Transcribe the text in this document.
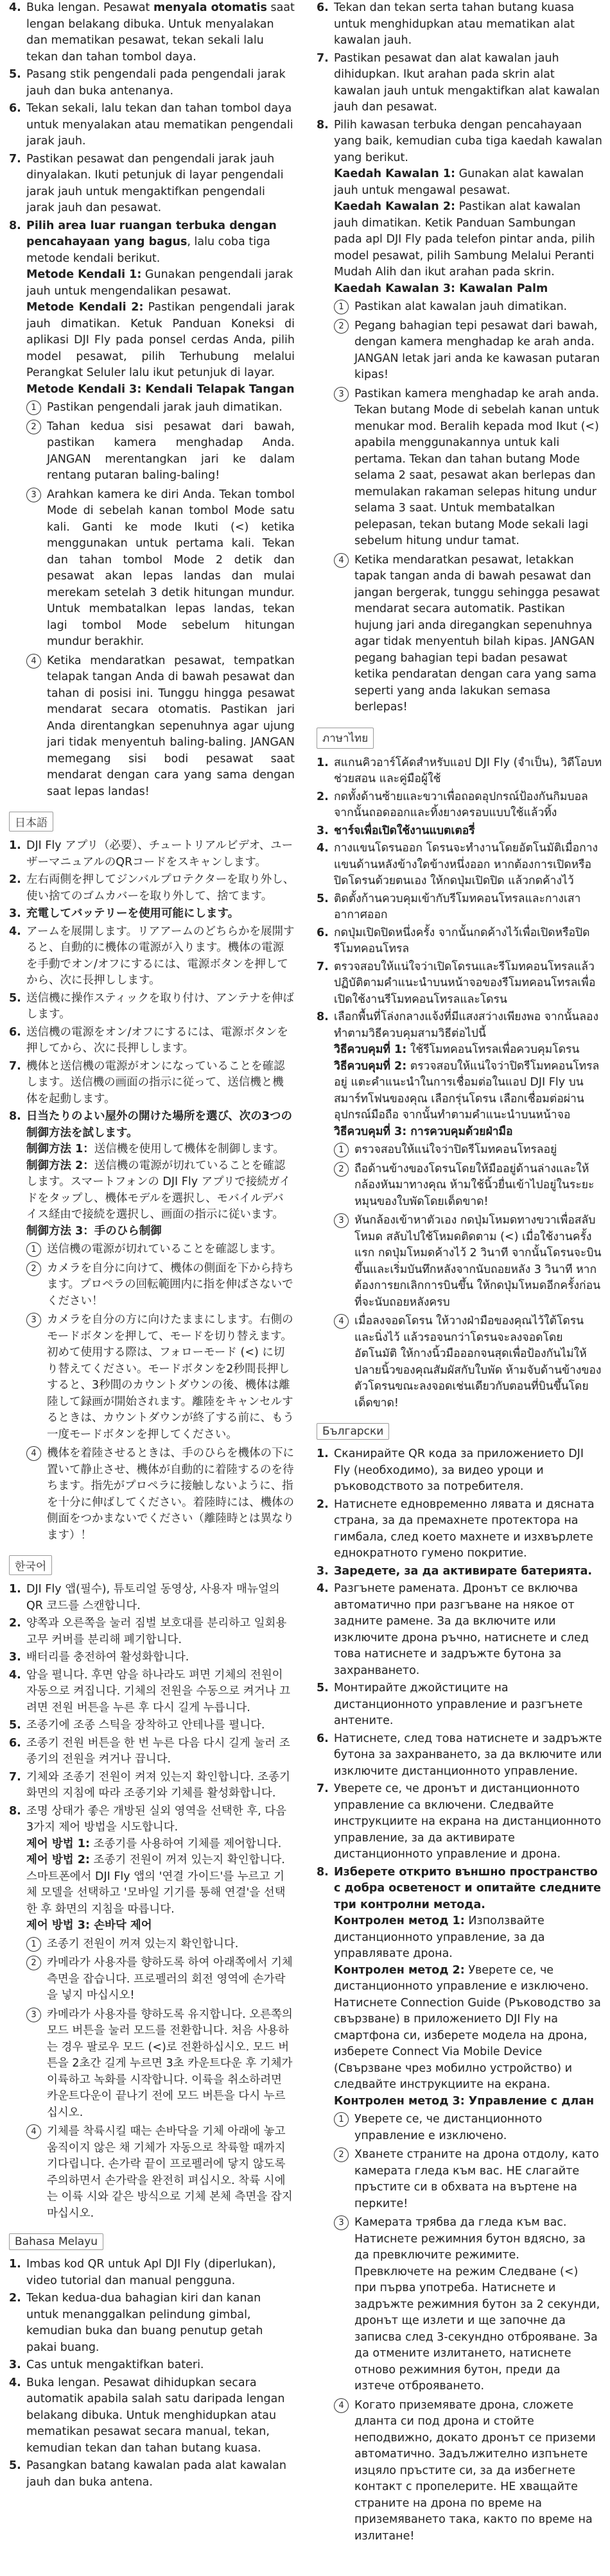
4. Buka lengan. Pesawat menyala otomatis saat lengan belakang dibuka. Untuk menyalakan dan mematikan pesawat, tekan sekali lalu tekan dan tahan tombol daya.
5. Pasang stik pengendali pada pengendali jarak jauh dan buka antenanya.
6. Tekan sekali, lalu tekan dan tahan tombol daya untuk menyalakan atau mematikan pengendali jarak jauh.
7. Pastikan pesawat dan pengendali jarak jauh dinyalakan. Ikuti petunjuk di layar pengendali jarak jauh untuk mengaktifkan pengendali jarak jauh dan pesawat.
8. Pilih area luar ruangan terbuka dengan pencahayaan yang bagus, lalu coba tiga metode kendali berikut.
Metode Kendali 1: Gunakan pengendali jarak jauh untuk mengendalikan pesawat.
Metode Kendali 2: Pastikan pengendali jarak jauh dimatikan. Ketuk Panduan Koneksi di aplikasi DJI Fly pada ponsel cerdas Anda, pilih model pesawat, pilih Terhubung melalui Perangkat Seluler lalu ikut petunjuk di layar.
Metode Kendali 3: Kendali Telapak Tangan
1 Pastikan pengendali jarak jauh dimatikan.
2 Tahan kedua sisi pesawat dari bawah, pastikan kamera menghadap Anda. JANGAN merentangkan jari ke dalam rentang putaran baling-baling!
3 Arahkan kamera ke diri Anda. Tekan tombol Mode di sebelah kanan tombol Mode satu kali. Ganti ke mode Ikuti (<) ketika menggunakan untuk pertama kali. Tekan dan tahan tombol Mode 2 detik dan pesawat akan lepas landas dan mulai merekam setelah 3 detik hitungan mundur. Untuk membatalkan lepas landas, tekan lagi tombol Mode sebelum hitungan mundur berakhir.
4 Ketika mendaratkan pesawat, tempatkan telapak tangan Anda di bawah pesawat dan tahan di posisi ini. Tunggu hingga pesawat mendarat secara otomatis. Pastikan jari Anda direntangkan sepenuhnya agar ujung jari tidak menyentuh baling-baling. JANGAN memegang sisi bodi pesawat saat mendarat dengan cara yang sama dengan saat lepas landas!
日本語
1. DJI Fly アプリ（必要）、チュートリアルビデオ、ユーザーマニュアルのQRコードをスキャンします。
2. 左右両側を押してジンバルプロテクターを取り外し、使い捨てのゴムカバーを取り外して、捨てます。
3. 充電してバッテリーを使用可能にします。
4. アームを展開します。リアアームのどちらかを展開すると、自動的に機体の電源が入ります。機体の電源を手動でオン/オフにするには、電源ボタンを押してから、次に長押しします。
5. 送信機に操作スティックを取り付け、アンテナを伸ばします。
6. 送信機の電源をオン/オフにするには、電源ボタンを押してから、次に長押しします。
7. 機体と送信機の電源がオンになっていることを確認します。送信機の画面の指示に従って、送信機と機体を起動します。
8. 日当たりのよい屋外の開けた場所を選び、次の3つの制御方法を試します。
制御方法 1：送信機を使用して機体を制御します。
制御方法 2：送信機の電源が切れていることを確認します。スマートフォンの DJI Fly アプリで接続ガイドをタップし、機体モデルを選択し、モバイルデバイス経由で接続を選択し、画面の指示に従います。
制御方法 3：手のひら制御
1 送信機の電源が切れていることを確認します。
2 カメラを自分に向けて、機体の側面を下から持ちます。プロペラの回転範囲内に指を伸ばさないでください！
3 カメラを自分の方に向けたままにします。右側のモードボタンを押して、モードを切り替えます。初めて使用する際は、フォローモード (<) に切り替えてください。モードボタンを2秒間長押しすると、3秒間のカウントダウンの後、機体は離陸して録画が開始されます。離陸をキャンセルするときは、カウントダウンが終了する前に、もう一度モードボタンを押してください。
4 機体を着陸させるときは、手のひらを機体の下に置いて静止させ、機体が自動的に着陸するのを待ちます。指先がプロペラに接触しないように、指を十分に伸ばしてください。着陸時には、機体の側面をつかまないでください（離陸時とは異なります）！
한국어
1. DJI Fly 앱(필수), 튜토리얼 동영상, 사용자 매뉴얼의 QR 코드를 스캔합니다.
2. 양쪽과 오른쪽을 눌러 짐벌 보호대를 분리하고 일회용 고무 커버를 분리해 폐기합니다.
3. 배터리를 충전하여 활성화합니다.
4. 암을 펼니다. 후면 암을 하나라도 펴면 기체의 전원이 자동으로 켜집니다. 기체의 전원을 수동으로 켜거나 끄려면 전원 버튼을 누른 후 다시 길게 누릅니다.
5. 조종기에 조종 스틱을 장착하고 안테나를 펼니다.
6. 조종기 전원 버튼을 한 번 누른 다음 다시 길게 눌러 조종기의 전원을 켜거나 끕니다.
7. 기체와 조종기 전원이 켜져 있는지 확인합니다. 조종기 화면의 지침에 따라 조종기와 기체를 활성화합니다.
8. 조명 상태가 좋은 개방된 실외 영역을 선택한 후, 다음 3가지 제어 방법을 시도합니다.
제어 방법 1: 조종기를 사용하여 기체를 제어합니다.
제어 방법 2: 조종기 전원이 꺼져 있는지 확인합니다. 스마트폰에서 DJI Fly 앱의 '연결 가이드'를 누르고 기체 모델을 선택하고 '모바일 기기를 통해 연결'을 선택한 후 화면의 지침을 따릅니다.
제어 방법 3: 손바닥 제어
1 조종기 전원이 꺼져 있는지 확인합니다.
2 카메라가 사용자를 향하도록 하여 아래쪽에서 기체 측면을 잡습니다. 프로펠러의 회전 영역에 손가락을 넣지 마십시오!
3 카메라가 사용자를 향하도록 유지합니다. 오른쪽의 모드 버튼을 눌러 모드를 전환합니다. 처음 사용하는 경우 팔로우 모드 (<)로 전환하십시오. 모드 버튼을 2초간 길게 누르면 3초 카운트다운 후 기체가 이륙하고 녹화를 시작합니다. 이륙을 취소하려면 카운트다운이 끝나기 전에 모드 버튼을 다시 누르십시오.
4 기체를 착륙시킬 때는 손바닥을 기체 아래에 놓고 움직이지 않은 채 기체가 자동으로 착륙할 때까지 기다립니다. 손가락 끝이 프로펠러에 닿지 않도록 주의하면서 손가락을 완전히 펴십시오. 착륙 시에는 이륙 시와 같은 방식으로 기체 본체 측면을 잡지 마십시오.
Bahasa Melayu
1. Imbas kod QR untuk Apl DJI Fly (diperlukan), video tutorial dan manual pengguna.
2. Tekan kedua-dua bahagian kiri dan kanan untuk menanggalkan pelindung gimbal, kemudian buka dan buang penutup getah pakai buang.
3. Cas untuk mengaktifkan bateri.
4. Buka lengan. Pesawat dihidupkan secara automatik apabila salah satu daripada lengan belakang dibuka. Untuk menghidupkan atau mematikan pesawat secara manual, tekan, kemudian tekan dan tahan butang kuasa.
5. Pasangkan batang kawalan pada alat kawalan jauh dan buka antena.
6. Tekan dan tekan serta tahan butang kuasa untuk menghidupkan atau mematikan alat kawalan jauh.
7. Pastikan pesawat dan alat kawalan jauh dihidupkan. Ikut arahan pada skrin alat kawalan jauh untuk mengaktifkan alat kawalan jauh dan pesawat.
8. Pilih kawasan terbuka dengan pencahayaan yang baik, kemudian cuba tiga kaedah kawalan yang berikut.
Kaedah Kawalan 1: Gunakan alat kawalan jauh untuk mengawal pesawat.
Kaedah Kawalan 2: Pastikan alat kawalan jauh dimatikan. Ketik Panduan Sambungan pada apl DJI Fly pada telefon pintar anda, pilih model pesawat, pilih Sambung Melalui Peranti Mudah Alih dan ikut arahan pada skrin.
Kaedah Kawalan 3: Kawalan Palm
1 Pastikan alat kawalan jauh dimatikan.
2 Pegang bahagian tepi pesawat dari bawah, dengan kamera menghadap ke arah anda. JANGAN letak jari anda ke kawasan putaran kipas!
3 Pastikan kamera menghadap ke arah anda. Tekan butang Mode di sebelah kanan untuk menukar mod. Beralih kepada mod Ikut (<) apabila menggunakannya untuk kali pertama. Tekan dan tahan butang Mode selama 2 saat, pesawat akan berlepas dan memulakan rakaman selepas hitung undur selama 3 saat. Untuk membatalkan pelepasan, tekan butang Mode sekali lagi sebelum hitung undur tamat.
4 Ketika mendaratkan pesawat, letakkan tapak tangan anda di bawah pesawat dan jangan bergerak, tunggu sehingga pesawat mendarat secara automatik. Pastikan hujung jari anda diregangkan sepenuhnya agar tidak menyentuh bilah kipas. JANGAN pegang bahagian tepi badan pesawat ketika pendaratan dengan cara yang sama seperti yang anda lakukan semasa berlepas!
ภาษาไทย
1. สแกนคิวอาร์โค้ดสำหรับแอป DJI Fly (จำเป็น), วิดีโอบทช่วยสอน และคู่มือผู้ใช้
2. กดทั้งด้านซ้ายและขวาเพื่อถอดอุปกรณ์ป้องกันกิมบอล จากนั้นถอดออกและทิ้งยางครอบแบบใช้แล้วทิ้ง
3. ชาร์จเพื่อเปิดใช้งานแบตเตอรี่
4. กางแขนโดรนออก โดรนจะทำงานโดยอัตโนมัติเมื่อกางแขนด้านหลังข้างใดข้างหนึ่งออก หากต้องการเปิดหรือปิดโดรนด้วยตนเอง ให้กดปุ่มเปิดปิด แล้วกดค้างไว้
5. ติดตั้งก้านควบคุมเข้ากับรีโมทคอนโทรลและกางเสาอากาศออก
6. กดปุ่มเปิดปิดหนึ่งครั้ง จากนั้นกดค้างไว้เพื่อเปิดหรือปิดรีโมทคอนโทรล
7. ตรวจสอบให้แน่ใจว่าเปิดโดรนและรีโมทคอนโทรลแล้ว ปฏิบัติตามคำแนะนำบนหน้าจอของรีโมทคอนโทรลเพื่อเปิดใช้งานรีโมทคอนโทรลและโดรน
8. เลือกพื้นที่โล่งกลางแจ้งที่มีแสงสว่างเพียงพอ จากนั้นลองทำตามวิธีควบคุมสามวิธีต่อไปนี้
วิธีควบคุมที่ 1: ใช้รีโมทคอนโทรลเพื่อควบคุมโดรน
วิธีควบคุมที่ 2: ตรวจสอบให้แน่ใจว่าปิดรีโมทคอนโทรลอยู่ แตะคำแนะนำในการเชื่อมต่อในแอป DJI Fly บนสมาร์ทโฟนของคุณ เลือกรุ่นโดรน เลือกเชื่อมต่อผ่านอุปกรณ์มือถือ จากนั้นทำตามคำแนะนำบนหน้าจอ
วิธีควบคุมที่ 3: การควบคุมด้วยฝ่ามือ
1 ตรวจสอบให้แน่ใจว่าปิดรีโมทคอนโทรลอยู่
2 ถือด้านข้างของโดรนโดยให้มืออยู่ด้านล่างและให้กล้องหันมาทางคุณ ห้ามใช้นิ้วยื่นเข้าไปอยู่ในระยะหมุนของใบพัดโดยเด็ดขาด!
3 หันกล้องเข้าหาตัวเอง กดปุ่มโหมดทางขวาเพื่อสลับโหมด สลับไปใช้โหมดติดตาม (<) เมื่อใช้งานครั้งแรก กดปุ่มโหมดค้างไว้ 2 วินาที จากนั้นโดรนจะบินขึ้นและเริ่มบันทึกหลังจากนับถอยหลัง 3 วินาที หากต้องการยกเลิกการบินขึ้น ให้กดปุ่มโหมดอีกครั้งก่อนที่จะนับถอยหลังครบ
4 เมื่อลงจอดโดรน ให้วางฝ่ามือของคุณไว้ใต้โดรนและนิ่งไว้ แล้วรอจนกว่าโดรนจะลงจอดโดยอัตโนมัติ ให้กางนิ้วมือออกจนสุดเพื่อป้องกันไม่ให้ปลายนิ้วของคุณสัมผัสกับใบพัด ห้ามจับด้านข้างของตัวโดรนขณะลงจอดเช่นเดียวกับตอนที่บินขึ้นโดยเด็ดขาด!
Български
1. Сканирайте QR кода за приложението DJI Fly (необходимо), за видео уроци и ръководството за потребителя.
2. Натиснете едновременно лявата и дясната страна, за да премахнете протектора на гимбала, след което махнете и изхвърлете еднократното гумено покритие.
3. Заредете, за да активирате батерията.
4. Разгънете рамената. Дронът се включва автоматично при разгъване на някое от задните рамене. За да включите или изключите дрона ръчно, натиснете и след това натиснете и задръжте бутона за захранването.
5. Монтирайте джойстиците на дистанционното управление и разгънете антените.
6. Натиснете, след това натиснете и задръжте бутона за захранването, за да включите или изключите дистанционното управление.
7. Уверете се, че дронът и дистанционното управление са включени. Следвайте инструкциите на екрана на дистанционното управление, за да активирате дистанционното управление и дрона.
8. Изберете открито външно пространство с добра осветеност и опитайте следните три контролни метода.
Контролен метод 1: Използвайте дистанционното управление, за да управлявате дрона.
Контролен метод 2: Уверете се, че дистанционното управление е изключено. Натиснете Connection Guide (Ръководство за свързване) в приложението DJI Fly на смартфона си, изберете модела на дрона, изберете Connect Via Mobile Device (Свързване чрез мобилно устройство) и следвайте инструкциите на екрана.
Контролен метод 3: Управление с длан
1 Уверете се, че дистанционното управление е изключено.
2 Хванете страните на дрона отдолу, като камерата гледа към вас. НЕ слагайте пръстите си в обхвата на въртене на перките!
3 Камерата трябва да гледа към вас. Натиснете режимния бутон вдясно, за да превключите режимите. Превключете на режим Следване (<) при първа употреба. Натиснете и задръжте режимния бутон за 2 секунди, дронът ще излети и ще започне да записва след 3-секундно отброяване. За да отмените излитането, натиснете отново режимния бутон, преди да изтече отброяването.
4 Когато приземявате дрона, сложете дланта си под дрона и стойте неподвижно, докато дронът се приземи автоматично. Задължително изпънете изцяло пръстите си, за да избегнете контакт с пропелерите. НЕ хващайте страните на дрона по време на приземяването така, както по време на излитане!
